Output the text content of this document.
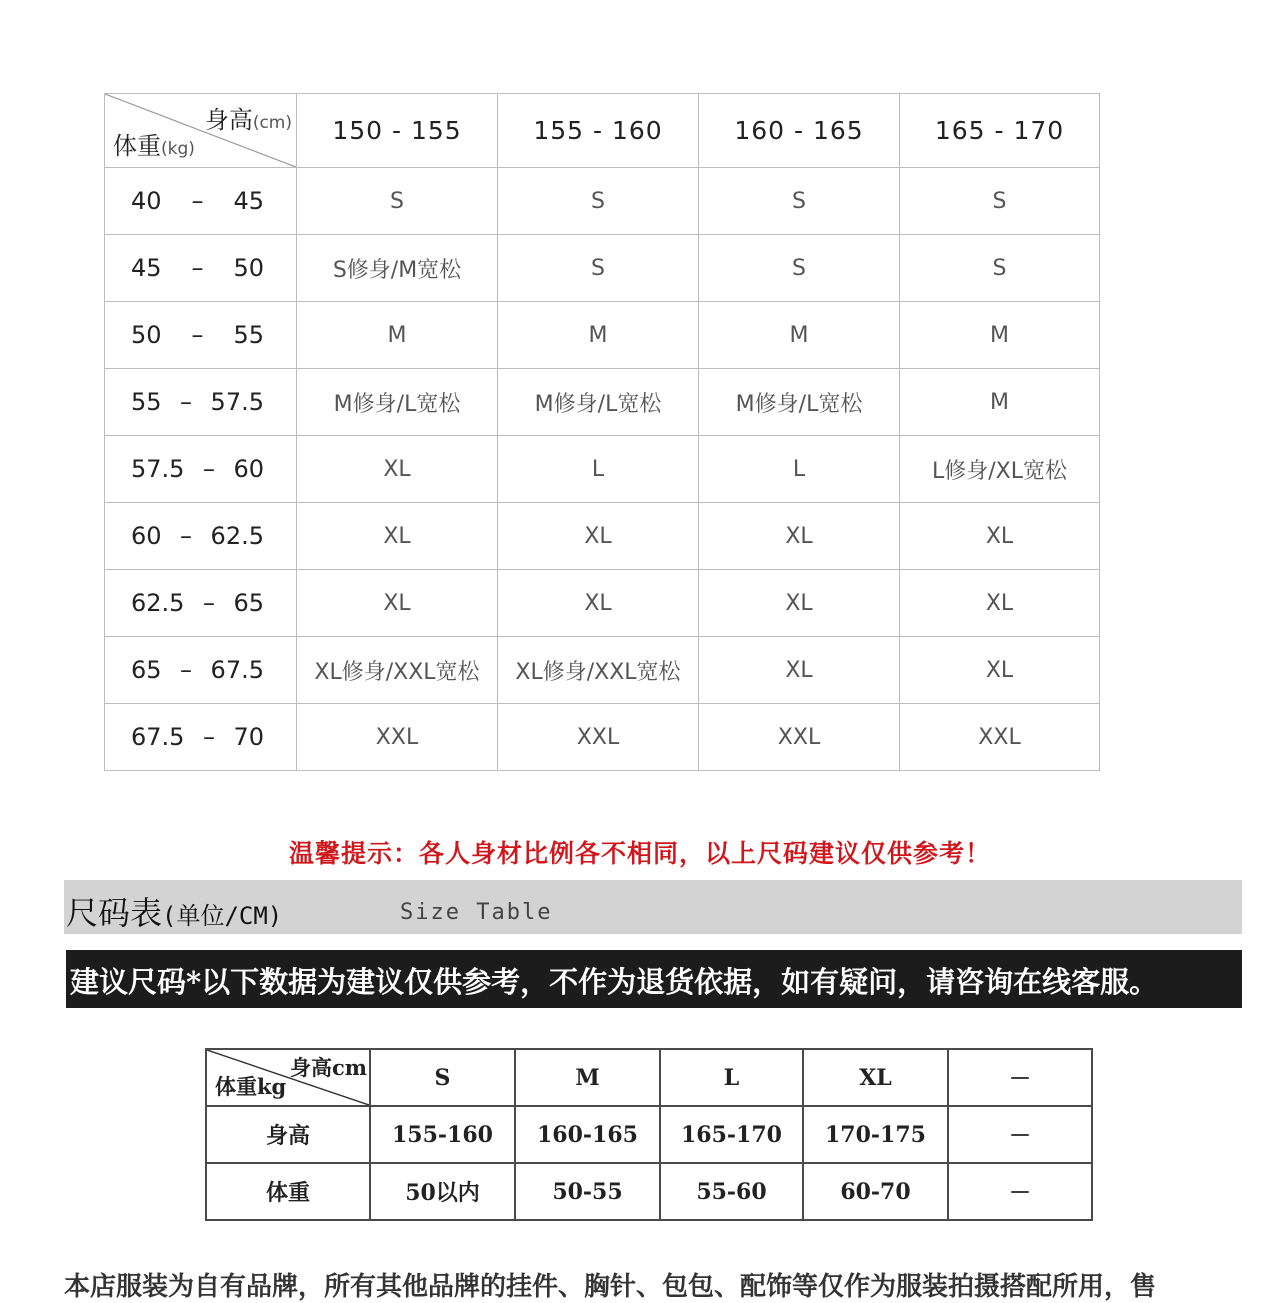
身高(cm)
体重(kg)	150 - 155	155 - 160	160 - 165	165 - 170

40 – 45	S	S	S	S

45 – 50	S修身/M宽松	S	S	S

50 – 55	M	M	M	M

55 – 57.5	M修身/L宽松	M修身/L宽松	M修身/L宽松	M

57.5 – 60	XL	L	L	L修身/XL宽松

60 – 62.5	XL	XL	XL	XL

62.5 – 65	XL	XL	XL	XL

65 – 67.5	XL修身/XXL宽松	XL修身/XXL宽松	XL	XL

67.5 – 70	XXL	XXL	XXL	XXL
温馨提示：各人身材比例各不相同，以上尺码建议仅供参考！
尺码表(单位/CM)	Size Table
建议尺码*以下数据为建议仅供参考，不作为退货依据，如有疑问，请咨询在线客服。
身高cm
体重kg	S	M	L	XL	－
身高	155-160	160-165	165-170	170-175	－
体重	50以内	50-55	55-60	60-70	－
本店服装为自有品牌，所有其他品牌的挂件、胸针、包包、配饰等仅作为服装拍摄搭配所用，售
